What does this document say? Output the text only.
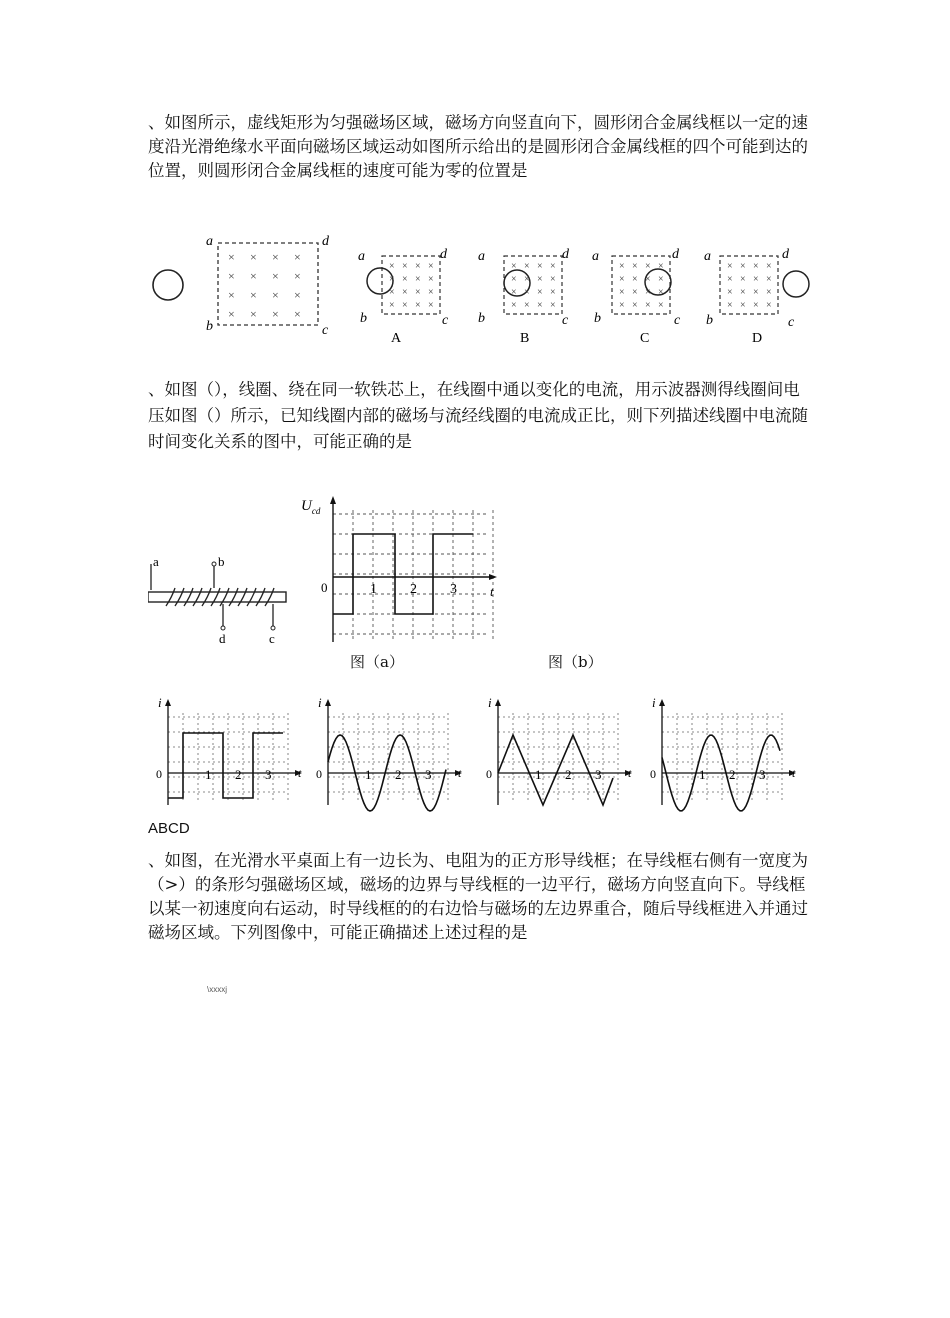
、如图所示，虚线矩形为匀强磁场区域，磁场方向竖直向下，圆形闭合金属线框以一定的速度沿光滑绝缘水平面向磁场区域运动如图所示给出的是圆形闭合金属线框的四个可能到达的位置，则圆形闭合金属线框的速度可能为零的位置是
a	d
b	c
× × × ×
× × × ×
× × × ×
× × × ×
a	d
b	c
A
× × × ×
× × × ×
× × × ×
× × × ×
a	d
b	c
B
× × × ×
× × × ×
× × × ×
× × × ×
a	d
b	c
C
× × × ×
× × × ×
× × × ×
× × × ×
a	d
b	c
D
× × × ×
× × × ×
× × × ×
× × × ×
、如图（），线圈、绕在同一软铁芯上，在线圈中通以变化的电流，用示波器测得线圈间电压如图（）所示，已知线圈内部的磁场与流经线圈的电流成正比，则下列描述线圈中电流随时间变化关系的图中，可能正确的是
a	b
d	c
$U_{cd}$
t
0	1 2 3
图（a）	图（b）
i
t
0	1 2 3
i
t
0	1 2 3
i
t
0	1 2 3
i
t
0	1 2 3
ABCD
、如图，在光滑水平桌面上有一边长为、电阻为的正方形导线框；在导线框右侧有一宽度为（>）的条形匀强磁场区域，磁场的边界与导线框的一边平行，磁场方向竖直向下。导线框以某一初速度向右运动，时导线框的的右边恰与磁场的左边界重合，随后导线框进入并通过磁场区域。下列图像中，可能正确描述上述过程的是
\xxxxj
